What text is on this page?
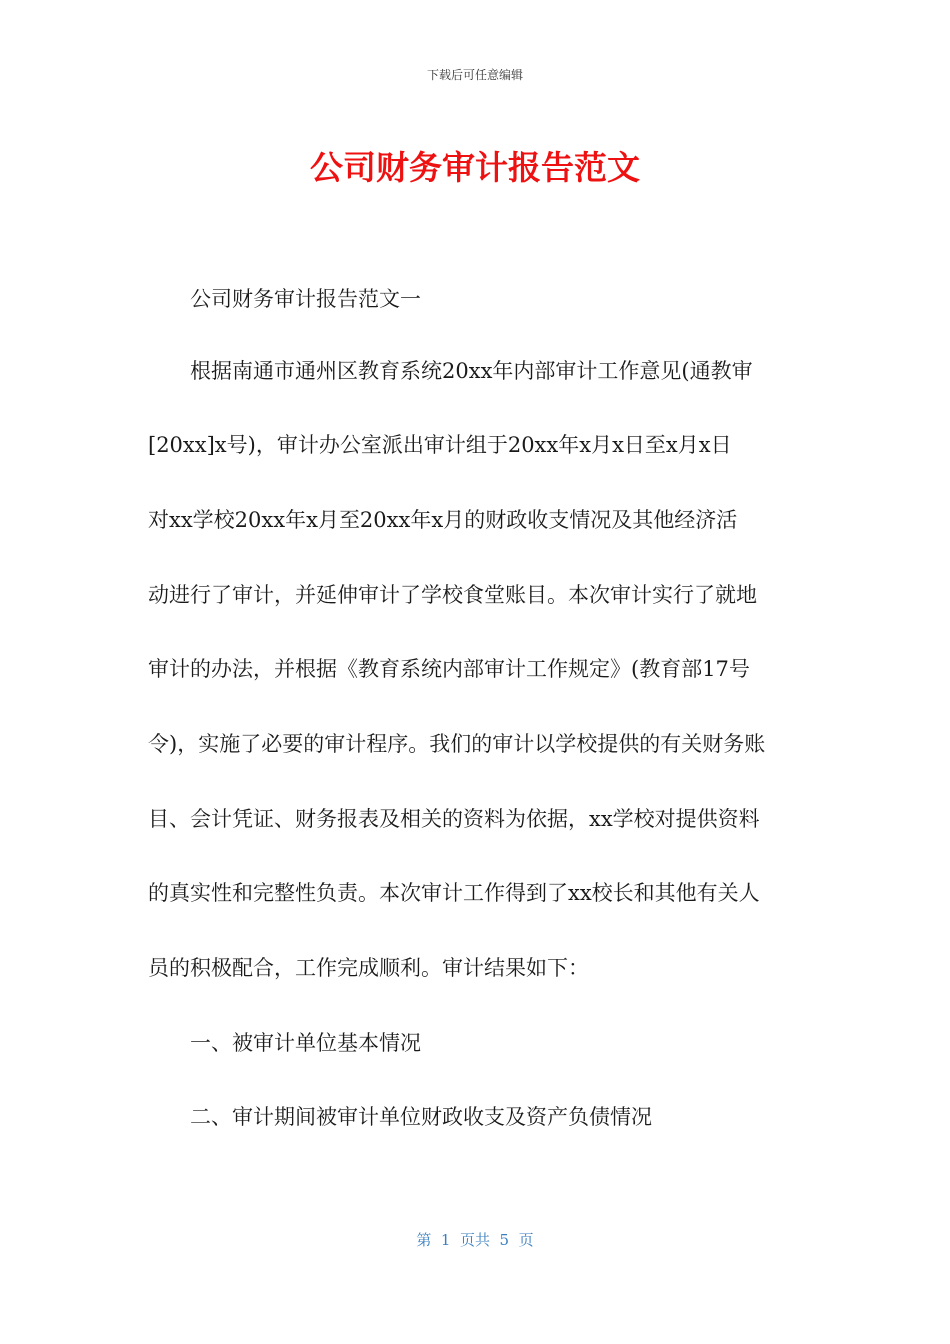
下载后可任意编辑
公司财务审计报告范文
公司财务审计报告范文一
根据南通市通州区教育系统20xx年内部审计工作意见(通教审
[20xx]x号)，审计办公室派出审计组于20xx年x月x日至x月x日
对xx学校20xx年x月至20xx年x月的财政收支情况及其他经济活
动进行了审计，并延伸审计了学校食堂账目。本次审计实行了就地
审计的办法，并根据《教育系统内部审计工作规定》(教育部17号
令)，实施了必要的审计程序。我们的审计以学校提供的有关财务账
目、会计凭证、财务报表及相关的资料为依据，xx学校对提供资料
的真实性和完整性负责。本次审计工作得到了xx校长和其他有关人
员的积极配合，工作完成顺利。审计结果如下：
一、被审计单位基本情况
二、审计期间被审计单位财政收支及资产负债情况
第  1  页共  5  页
